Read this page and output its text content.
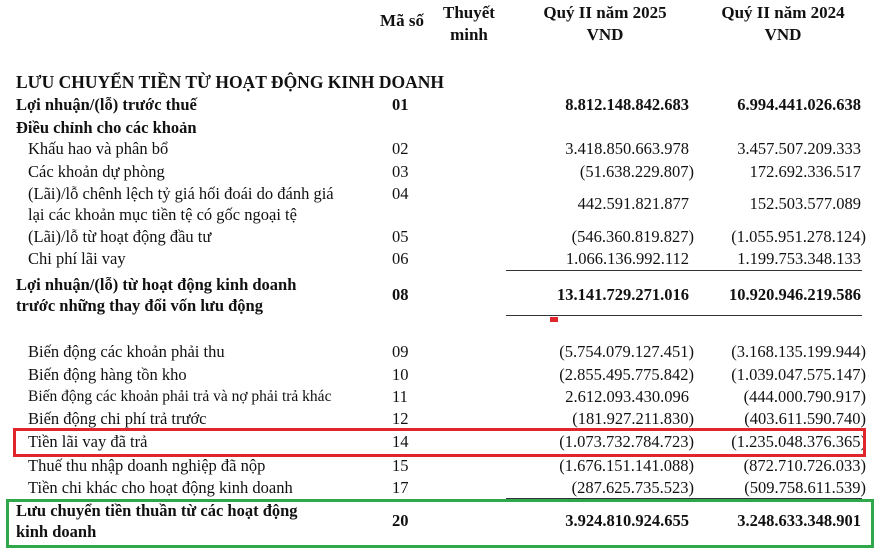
Mã số	Thuyết
minh
Quý II năm 2025
VND
Quý II năm 2024
VND
LƯU CHUYỂN TIỀN TỪ HOẠT ĐỘNG KINH DOANH
Lợi nhuận/(lỗ) trước thuế	01	8.812.148.842.683	6.994.441.026.638
Điều chỉnh cho các khoản
Khấu hao và phân bổ	02	3.418.850.663.978	3.457.507.209.333
Các khoản dự phòng	03	(51.638.229.807)	172.692.336.517
(Lãi)/lỗ chênh lệch tỷ giá hối đoái do đánh giá
lại các khoản mục tiền tệ có gốc ngoại tệ
04
442.591.821.877	152.503.577.089
(Lãi)/lỗ từ hoạt động đầu tư	05	(546.360.819.827) (1.055.951.278.124)
Chi phí lãi vay	06	1.066.136.992.112	1.199.753.348.133
Lợi nhuận/(lỗ) từ hoạt động kinh doanh
trước những thay đổi vốn lưu động
08	13.141.729.271.016 10.920.946.219.586
Biến động các khoản phải thu	09	(5.754.079.127.451) (3.168.135.199.944)
Biến động hàng tồn kho	10	(2.855.495.775.842) (1.039.047.575.147)
Biến động các khoản phải trả và nợ phải trả khác	11	2.612.093.430.096	(444.000.790.917)
Biến động chi phí trả trước	12	(181.927.211.830)	(403.611.590.740)
Tiền lãi vay đã trả	14	(1.073.732.784.723) (1.235.048.376.365)
Thuế thu nhập doanh nghiệp đã nộp	15	(1.676.151.141.088)	(872.710.726.033)
Tiền chi khác cho hoạt động kinh doanh	17	(287.625.735.523)	(509.758.611.539)
Lưu chuyển tiền thuần từ các hoạt động
kinh doanh
20	3.924.810.924.655	3.248.633.348.901
